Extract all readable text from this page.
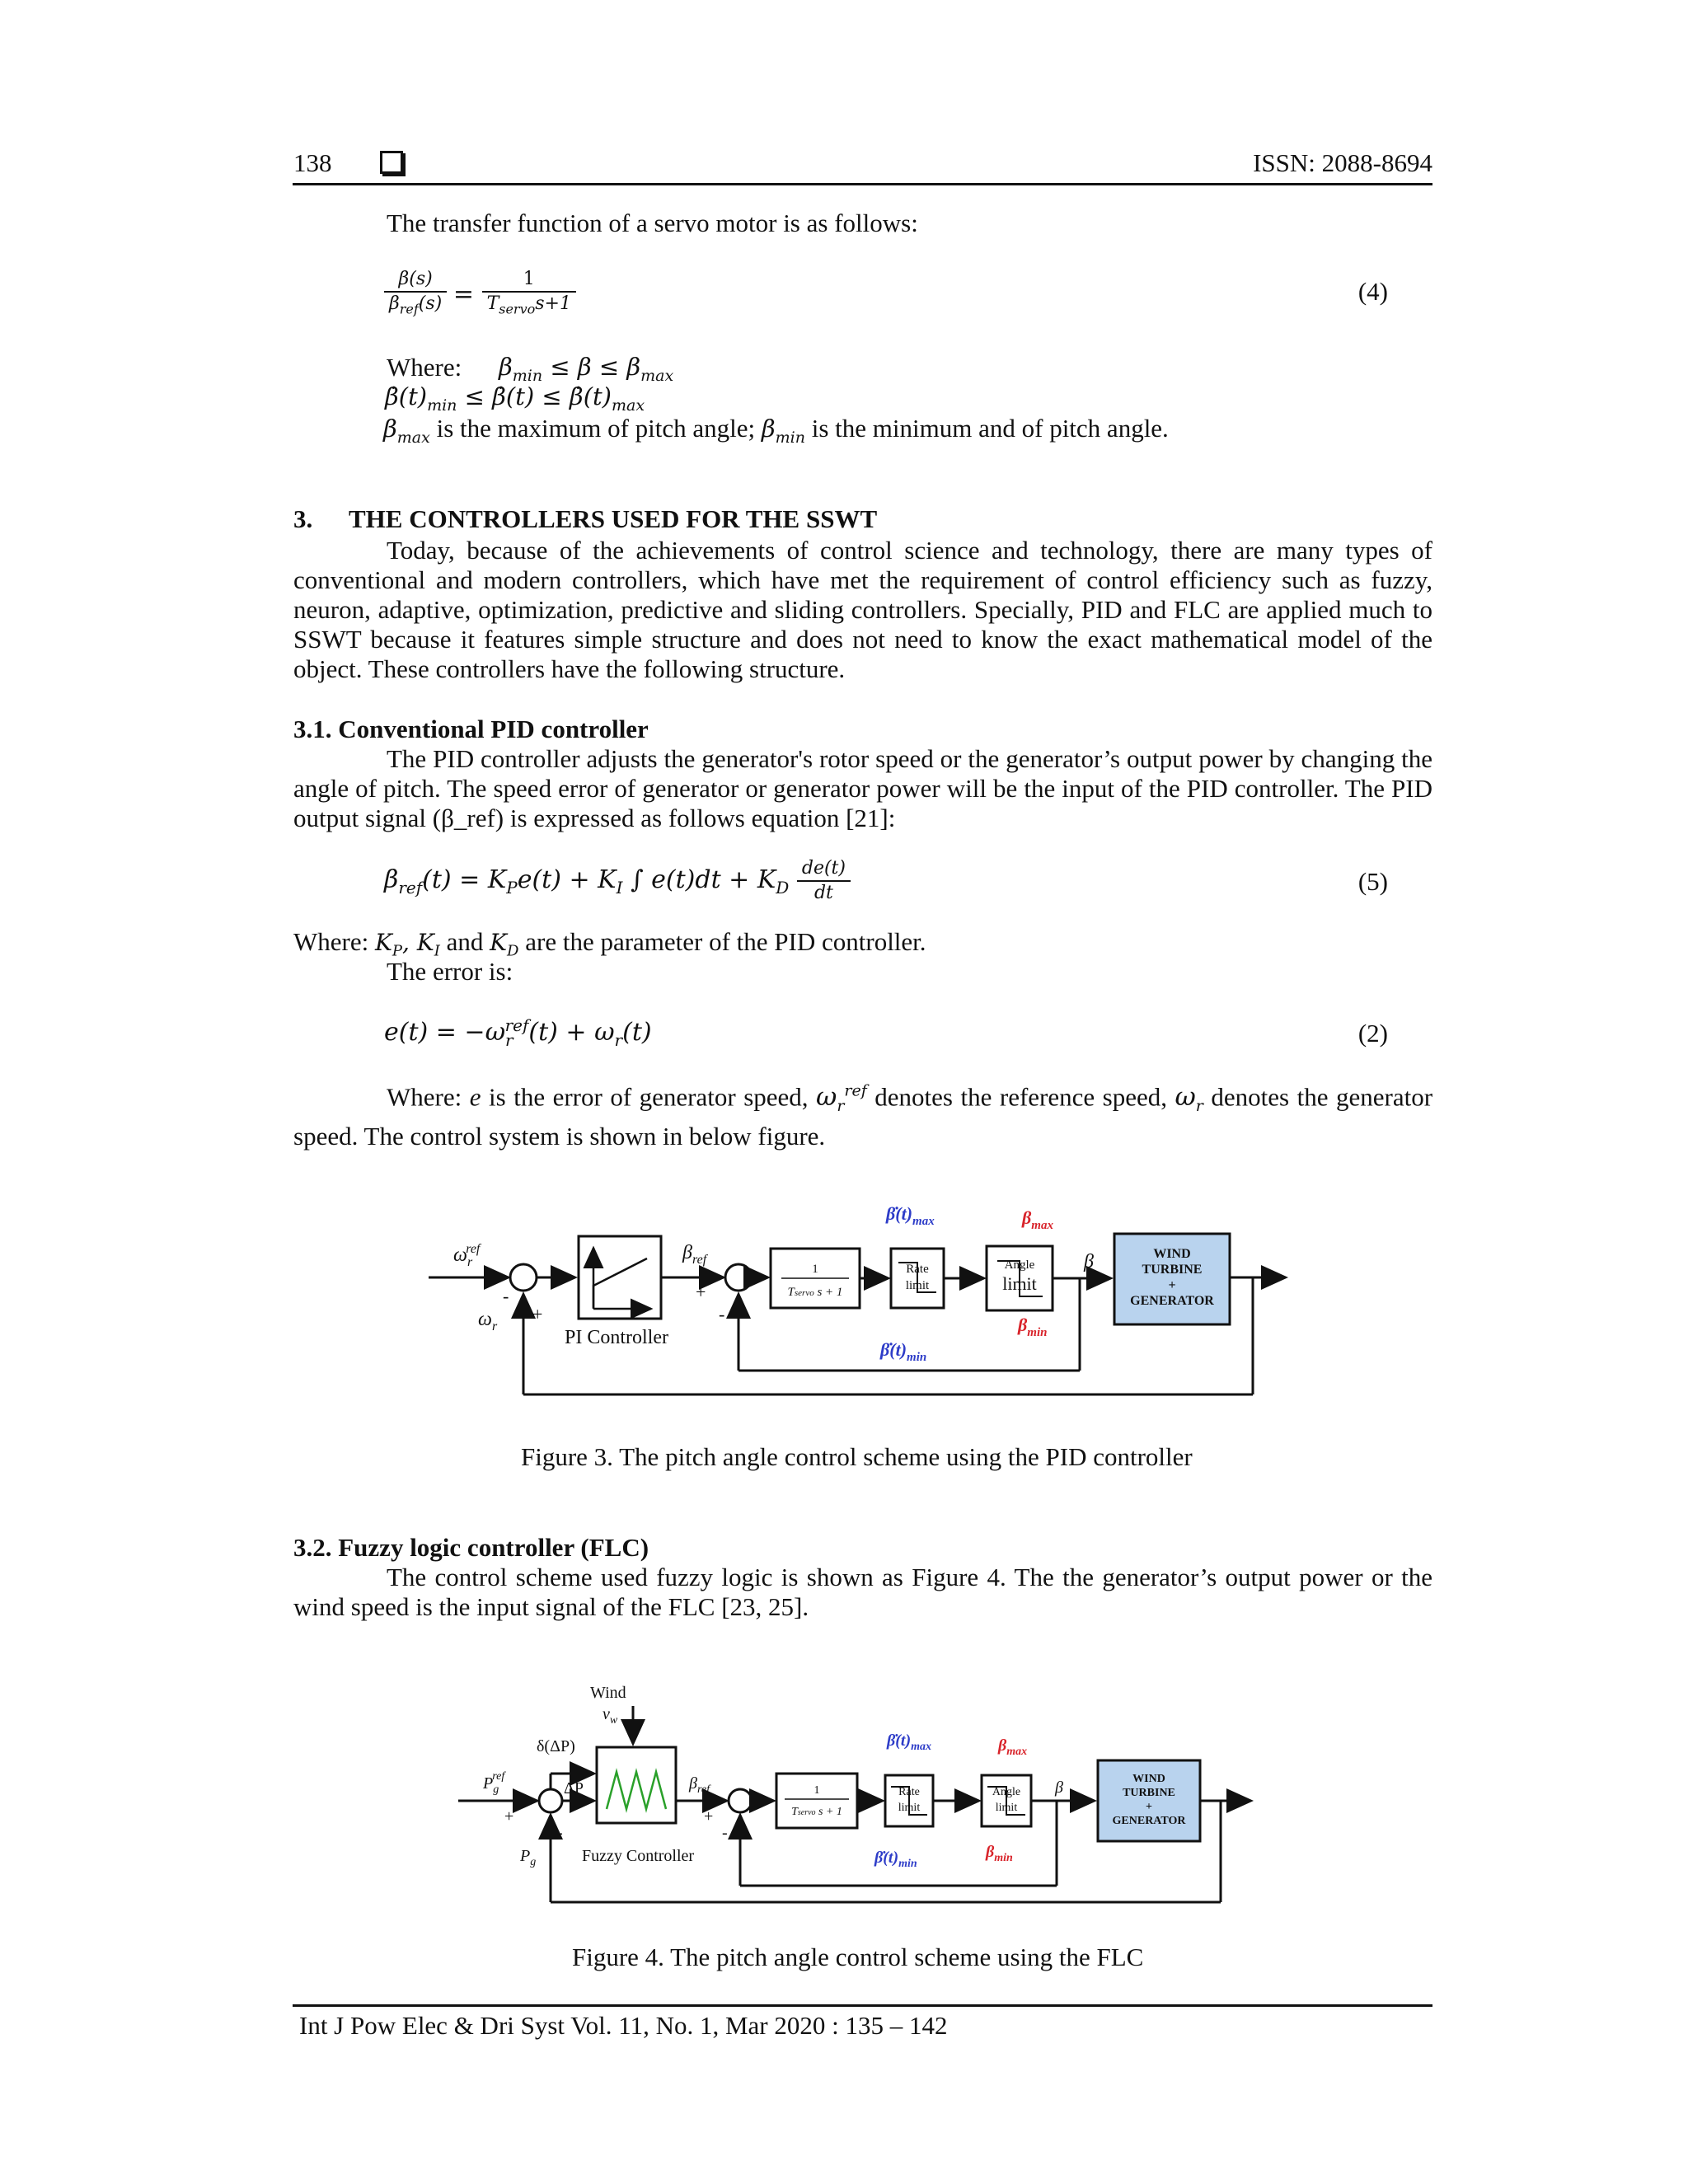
138	ISSN: 2088-8694
The transfer function of a servo motor is as follows:
$\frac{\beta(s)}{\beta_{ref}(s)} = \frac{1}{T_{servo}s+1}$	(4)
Where: $\beta_{min} \le \beta \le \beta_{max}$
$\betȧ(t)_{min}$ ≤ β̇(t) ≤ $\betȧ(t)_{max}$
$\beta_{max}$ is the maximum of pitch angle; $\beta_{min}$ is the minimum and of pitch angle.
3. THE CONTROLLERS USED FOR THE SSWT
Today, because of the achievements of control science and technology, there are many types of conventional and modern controllers, which have met the requirement of control efficiency such as fuzzy, neuron, adaptive, optimization, predictive and sliding controllers. Specially, PID and FLC are applied much to SSWT because it features simple structure and does not need to know the exact mathematical model of the object. These controllers have the following structure.
3.1. Conventional PID controller
The PID controller adjusts the generator's rotor speed or the generator’s output power by changing the angle of pitch. The speed error of generator or generator power will be the input of the PID controller. The PID output signal (β_ref) is expressed as follows equation [21]:
$\beta_{ref}(t) = K_Pe(t) + K_I$ ∫ $e(t)dt + K_D \frac{de(t)}{dt}$	(5)
Where: $K_P$, $K_I$ and $K_D$ are the parameter of the PID controller.
The error is:
$e(t) = -\omega_r^{ref}(t) + \omega_r(t)$	(2)
Where: e is the error of generator speed, $\omega_r^{ref}$ denotes the reference speed, $\omega_r$ denotes the generator speed. The control system is shown in below figure.
WIND
TURBINE
+
GENERATOR
1
Tservo s + 1
Rate
limit
Angle
limit
$\omega_rref$
$\omega_r$
$\beta_{ref}$	β
-
+
+
-
PI Controller
$\betȧ(t)_{max}$
$\betȧ(t)_{min}$
$\beta_{max}$
$\beta_{min}$
Figure 3. The pitch angle control scheme using the PID controller
3.2. Fuzzy logic controller (FLC)
The control scheme used fuzzy logic is shown as Figure 4. The the generator’s output power or the wind speed is the input signal of the FLC [23, 25].
WIND
TURBINE
+
GENERATOR
1
Tservo s + 1
Rate
limit
Angle
limit
Wind
$v_w$
δ(ΔP)
ΔP
$P_gref$
$P_g$
$\beta_{ref}$	β
Fuzzy Controller
+
-
+
-
$\betȧ(t)_{max}$
$\betȧ(t)_{min}$
$\beta_{max}$
$\beta_{min}$
Figure 4. The pitch angle control scheme using the FLC
Int J Pow Elec & Dri Syst Vol. 11, No. 1, Mar 2020 : 135 – 142
